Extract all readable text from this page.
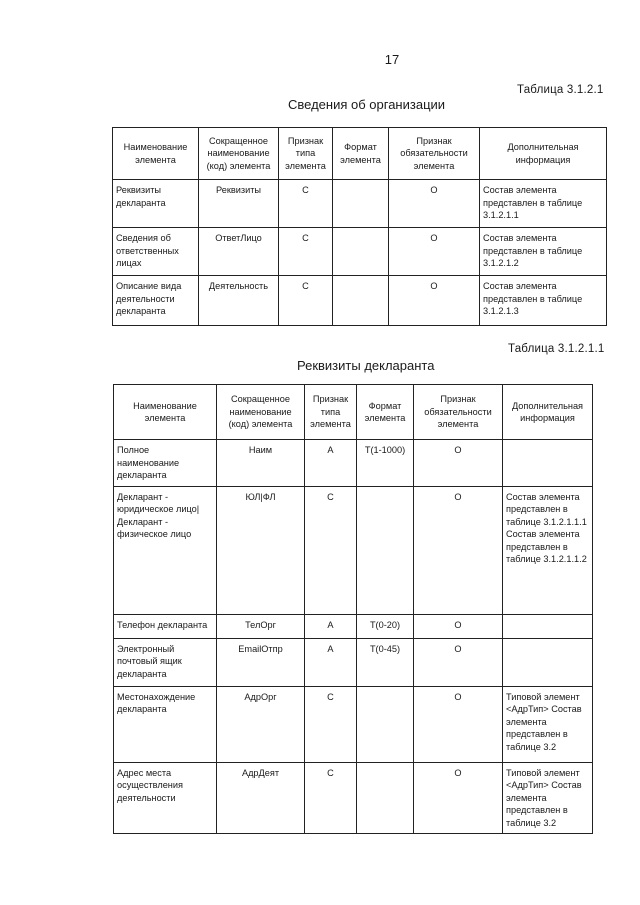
17
Таблица 3.1.2.1
Сведения об организации
Наименование элемента	Сокращенное наименование (код) элемента	Признак типа элемента	Формат элемента	Признак обязательности элемента	Дополнительная информация
Реквизиты декларанта	Реквизиты	С		О	Состав элемента представлен в таблице 3.1.2.1.1
Сведения об ответственных лицах	ОтветЛицо	С		О	Состав элемента представлен в таблице 3.1.2.1.2
Описание вида деятельности декларанта	Деятельность	С		О	Состав элемента представлен в таблице 3.1.2.1.3
Таблица 3.1.2.1.1
Реквизиты декларанта
Наименование элемента	Сокращенное наименование (код) элемента	Признак типа элемента	Формат элемента	Признак обязательности элемента	Дополнительная информация
Полное наименование декларанта	Наим	А	T(1-1000)	О	
Декларант - юридическое лицо| Декларант - физическое лицо	ЮЛ|ФЛ	С		О	Состав элемента представлен в таблице 3.1.2.1.1.1 Состав элемента представлен в таблице 3.1.2.1.1.2
Телефон декларанта	ТелОрг	А	T(0-20)	О	
Электронный почтовый ящик декларанта	EmailОтпр	А	T(0-45)	О	
Местонахождение декларанта	АдрОрг	С		О	Типовой элемент <АдрТип> Состав элемента представлен в таблице 3.2
Адрес места осуществления деятельности	АдрДеят	С		О	Типовой элемент <АдрТип> Состав элемента представлен в таблице 3.2
